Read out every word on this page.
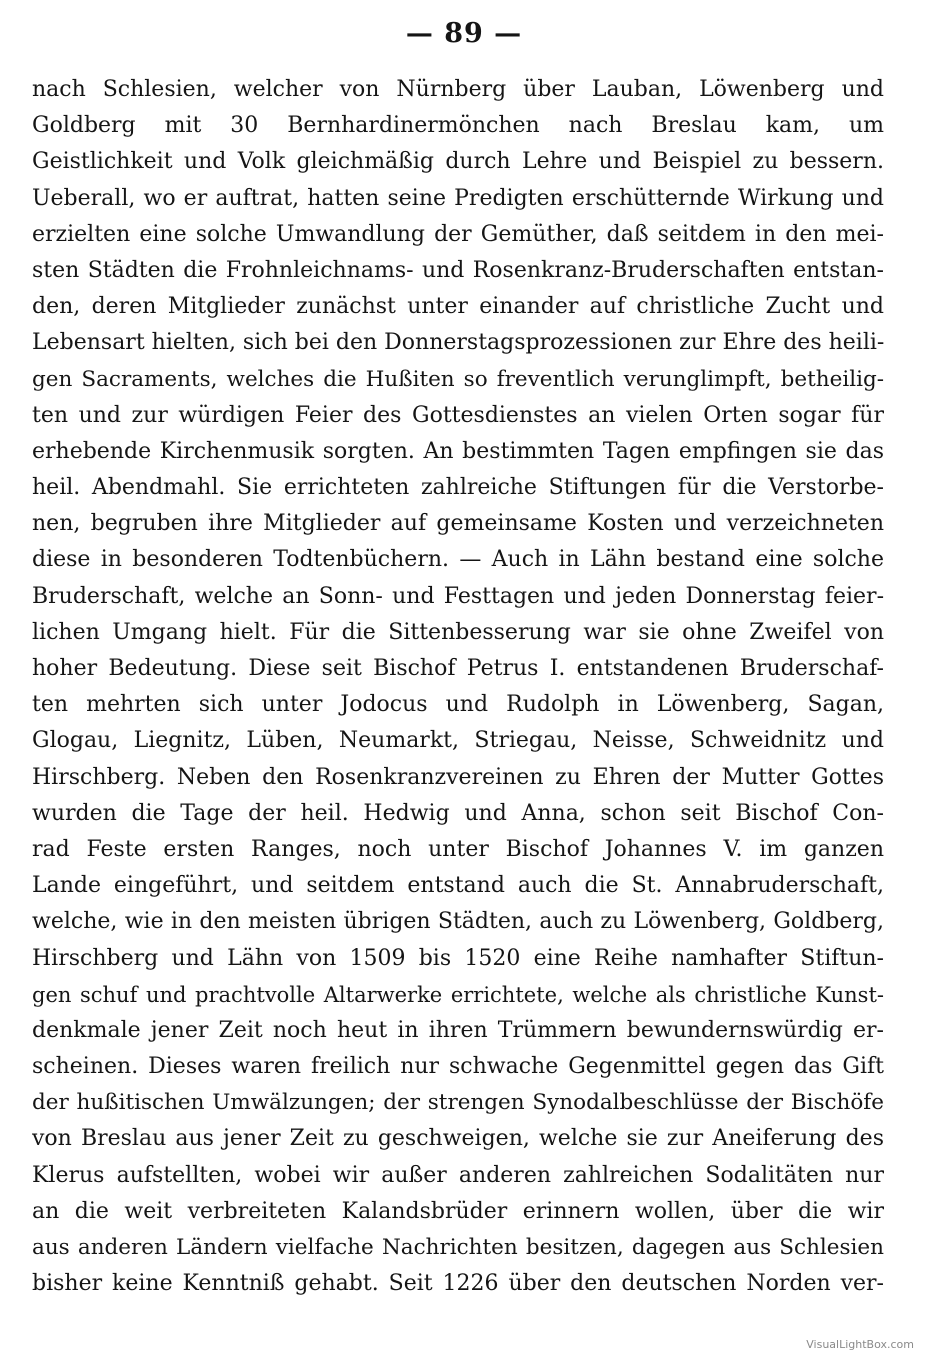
— 89 —
nach Schlesien, welcher von Nürnberg über Lauban, Löwenberg und
Goldberg mit 30 Bernhardinermönchen nach Breslau kam, um
Geistlichkeit und Volk gleichmäßig durch Lehre und Beispiel zu bessern.
Ueberall, wo er auftrat, hatten seine Predigten erschütternde Wirkung und
erzielten eine solche Umwandlung der Gemüther, daß seitdem in den mei-
sten Städten die Frohnleichnams- und Rosenkranz-Bruderschaften entstan-
den, deren Mitglieder zunächst unter einander auf christliche Zucht und
Lebensart hielten, sich bei den Donnerstagsprozessionen zur Ehre des heili-
gen Sacraments, welches die Hußiten so freventlich verunglimpft, betheilig-
ten und zur würdigen Feier des Gottesdienstes an vielen Orten sogar für
erhebende Kirchenmusik sorgten. An bestimmten Tagen empfingen sie das
heil. Abendmahl. Sie errichteten zahlreiche Stiftungen für die Verstorbe-
nen, begruben ihre Mitglieder auf gemeinsame Kosten und verzeichneten
diese in besonderen Todtenbüchern. — Auch in Lähn bestand eine solche
Bruderschaft, welche an Sonn- und Festtagen und jeden Donnerstag feier-
lichen Umgang hielt. Für die Sittenbesserung war sie ohne Zweifel von
hoher Bedeutung. Diese seit Bischof Petrus I. entstandenen Bruderschaf-
ten mehrten sich unter Jodocus und Rudolph in Löwenberg, Sagan,
Glogau, Liegnitz, Lüben, Neumarkt, Striegau, Neisse, Schweidnitz und
Hirschberg. Neben den Rosenkranzvereinen zu Ehren der Mutter Gottes
wurden die Tage der heil. Hedwig und Anna, schon seit Bischof Con-
rad Feste ersten Ranges, noch unter Bischof Johannes V. im ganzen
Lande eingeführt, und seitdem entstand auch die St. Annabruderschaft,
welche, wie in den meisten übrigen Städten, auch zu Löwenberg, Goldberg,
Hirschberg und Lähn von 1509 bis 1520 eine Reihe namhafter Stiftun-
gen schuf und prachtvolle Altarwerke errichtete, welche als christliche Kunst-
denkmale jener Zeit noch heut in ihren Trümmern bewundernswürdig er-
scheinen. Dieses waren freilich nur schwache Gegenmittel gegen das Gift
der hußitischen Umwälzungen; der strengen Synodalbeschlüsse der Bischöfe
von Breslau aus jener Zeit zu geschweigen, welche sie zur Aneiferung des
Klerus aufstellten, wobei wir außer anderen zahlreichen Sodalitäten nur
an die weit verbreiteten Kalandsbrüder erinnern wollen, über die wir
aus anderen Ländern vielfache Nachrichten besitzen, dagegen aus Schlesien
bisher keine Kenntniß gehabt. Seit 1226 über den deutschen Norden ver-
VisualLightBox.com
